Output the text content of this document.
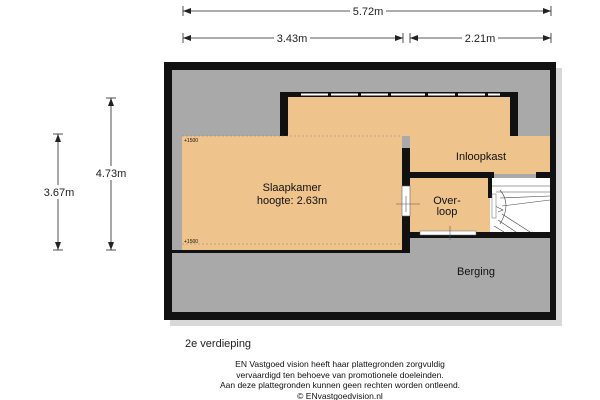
5.72m
3.43m	2.21m
4.73m
3.67m
+1500
+1500
Slaapkamer
hoogte: 2.63m
Inloopkast
Over-
loop
Berging
2e verdieping
EN Vastgoed vision heeft haar plattegronden zorgvuldig
vervaardigd ten behoeve van promotionele doeleinden.
Aan deze plattegronden kunnen geen rechten worden ontleend.
© ENvastgoedvision.nl
